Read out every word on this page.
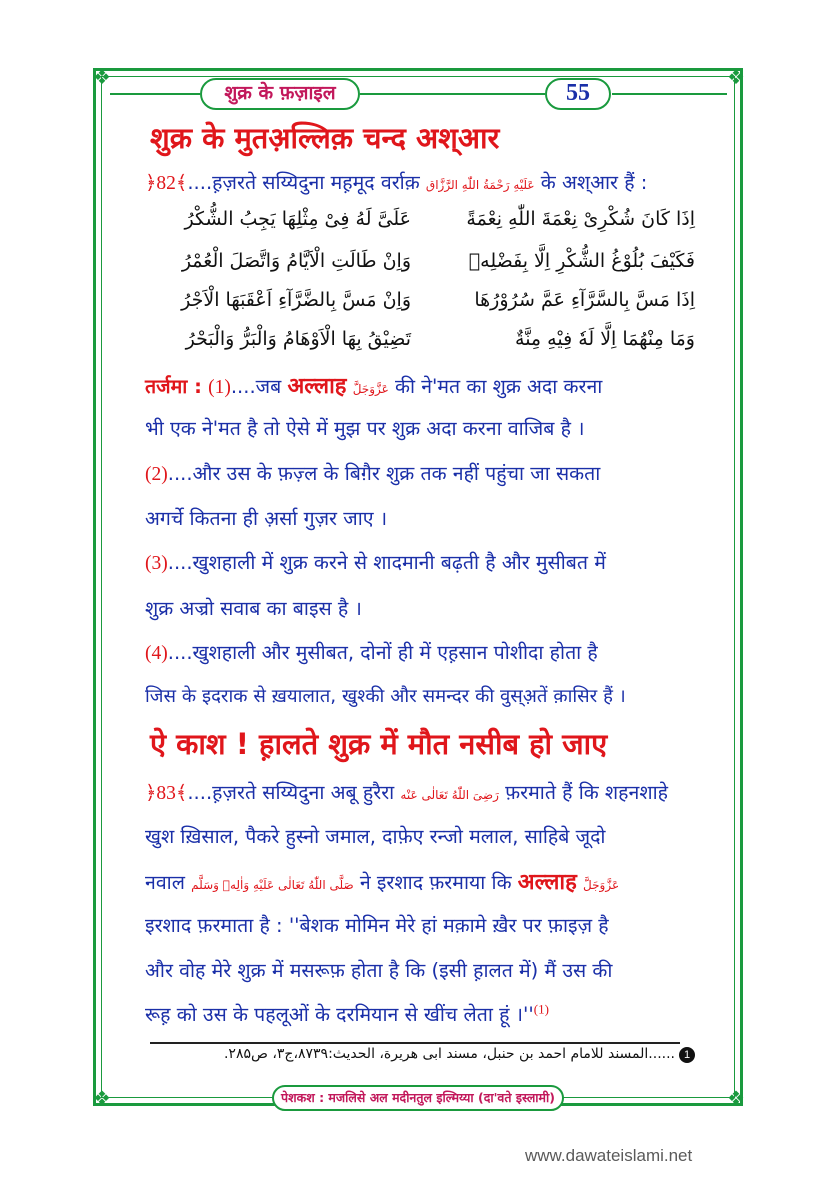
❖	❖
❖	❖
शुक्र के फ़ज़ाइल	55
शुक्र के मुतअ़ल्लिक़ चन्द अश्आर
﴿82﴾....ह़ज़रते सय्यिदुना मह़मूद वर्राक़ عَلَيْهِ رَحْمَةُ اللّٰهِ الرَّزَّاق के अश्आर हैं :
اِذَا كَانَ شُكْرِىْ نِعْمَةَ اللّٰهِ نِعْمَةً
عَلَىَّ لَهُ فِىْ مِثْلِهَا يَجِبُ الشُّكْرُ
فَكَيْفَ بُلُوْغُ الشُّكْرِ اِلَّا بِفَضْلِهٖ
وَاِنْ طَالَتِ الْاَيَّامُ وَاتَّصَلَ الْعُمْرُ
اِذَا مَسَّ بِالسَّرَّآءِ عَمَّ سُرُوْرُهَا
وَاِنْ مَسَّ بِالضَّرَّآءِ اَعْقَبَهَا الْاَجْرُ
وَمَا مِنْهُمَا اِلَّا لَهٗ فِيْهِ مِنَّةٌ
تَضِيْقُ بِهَا الْاَوْهَامُ وَالْبَرُّ وَالْبَحْرُ
तर्जमा : (1)....जब अल्लाह عَزَّوَجَلَّ की ने'मत का शुक्र अदा करना
भी एक ने'मत है तो ऐसे में मुझ पर शुक्र अदा करना वाजिब है ।
(2)....और उस के फ़ज़्ल के बिग़ैर शुक्र तक नहीं पहुंचा जा सकता
अगर्चे कितना ही अ़र्सा गुज़र जाए ।
(3)....खुशहाली में शुक्र करने से शादमानी बढ़ती है और मुसीबत में
शुक्र अज्रो सवाब का बाइस है ।
(4)....खुशहाली और मुसीबत, दोनों ही में एह़सान पोशीदा होता है
जिस के इदराक से ख़याला‍त, खुश्की और समन्दर की वुस्अ़तें क़ासिर हैं ।
ऐ काश ! ह़ालते शुक्र में मौत नसीब हो जाए
﴿83﴾....ह़ज़रते सय्यिदुना अबू हुरैरा رَضِىَ اللّٰهُ تَعَالٰى عَنْه फ़रमाते हैं कि शहनशाहे
खुश ख़िसाल, पैकरे हुस्नो जमाल, दाफ़ेए रन्जो मलाल, साहिबे जूदो
नवाल صَلَّى اللّٰهُ تَعَالٰى عَلَيْهِ وَاٰلِهٖ وَسَلَّم ने इरशाद फ़रमाया कि अल्लाह عَزَّوَجَلَّ
इरशाद फ़रमाता है : ''बेशक मोमिन मेरे हां मक़ामे ख़ैर पर फ़ाइज़ है
और वोह मेरे शुक्र में मसरूफ़ होता है कि (इसी ह़ालत में) मैं उस की
रूह़ को उस के पहलूओं के दरमियान से खींच लेता हूं $।''^{(1)}$
1......المسند للامام احمد بن حنبل، مسند ابی هريرة، الحديث:۸۷۳۹،ج۳، ص۲۸۵.
पेशकश : मजलिसे अल मदीनतुल इल्मिय्या (दा'वते इस्लामी)
www.dawateislami.net
